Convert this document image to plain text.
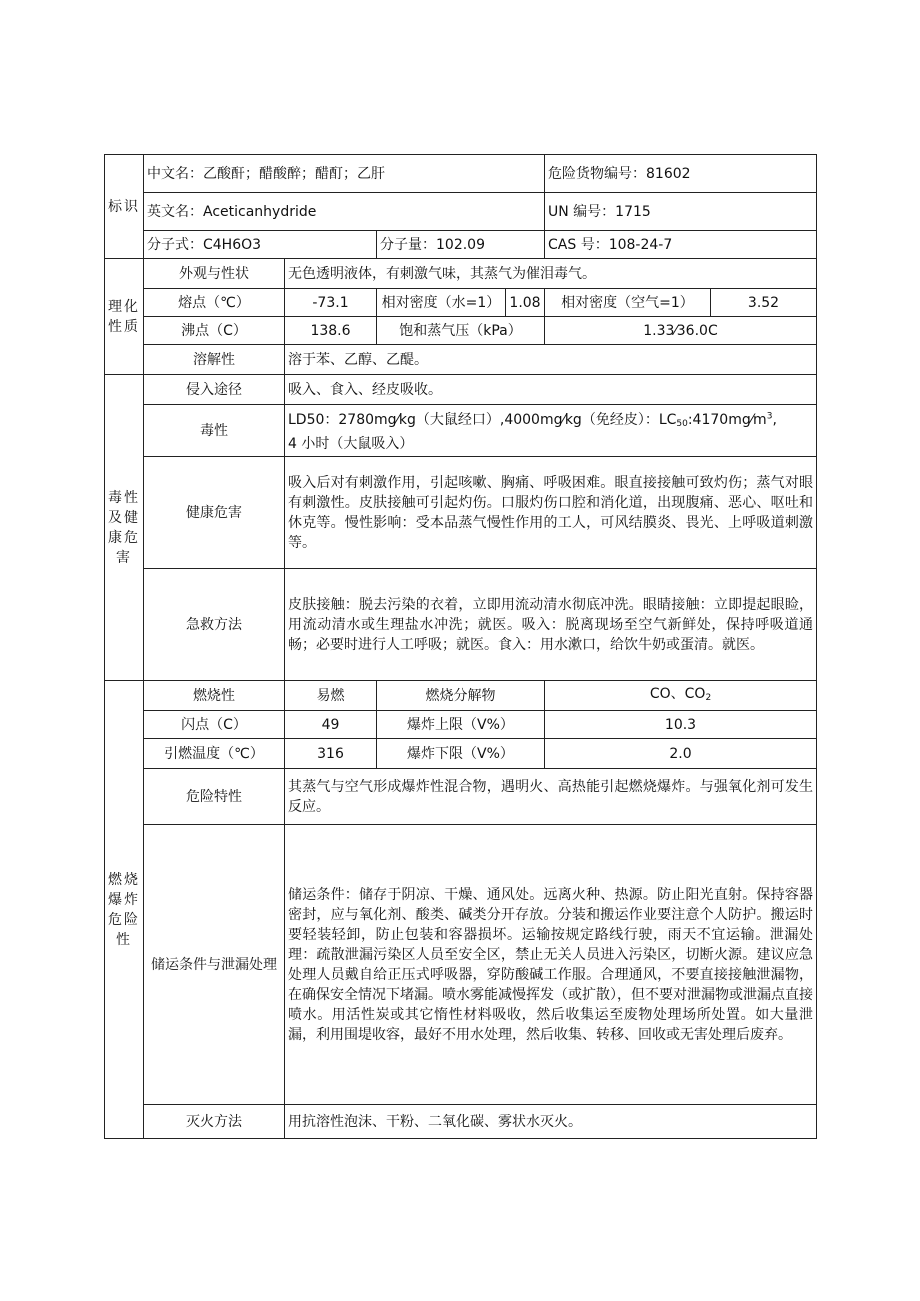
标识	中文名：乙酸酐；醋酸醉；醋酊；乙肝				危险货物编号：81602	
	英文名：Aceticanhydride				UN 编号：1715	
	分子式：C4H6O3		分子量：102.09		CAS 号：108-24-7	
理化性质	外观与性状	无色透明液体，有刺激气味，其蒸气为催泪毒气。				
	熔点（℃）	-73.1	相对密度（水=1）	1.08	相对密度（空气=1）	3.52
	沸点（C）	138.6	饱和蒸气压（kPa）		1.33⁄36.0C	
	溶解性	溶于苯、乙醇、乙醍。				
毒性及健康危害	侵入途径	吸入、食入、经皮吸收。				
	毒性	LD50：2780mg⁄kg（大鼠经口）,4000mg⁄kg（免经皮）：$LC_{50}:4170mg⁄m^3$,
4 小时（大鼠吸入）				
	健康危害	吸入后对有刺激作用，引起咳嗽、胸痛、呼吸困难。眼直接接触可致灼伤；蒸气对眼有刺激性。皮肤接触可引起灼伤。口服灼伤口腔和消化道，出现腹痛、恶心、呕吐和休克等。慢性影响：受本品蒸气慢性作用的工人，可风结膜炎、畏光、上呼吸道刺激等。				
	急救方法	皮肤接触：脱去污染的衣着，立即用流动清水彻底冲洗。眼睛接触：立即提起眼睑，用流动清水或生理盐水冲洗；就医。吸入：脱离现场至空气新鲜处，保持呼吸道通畅；必要时进行人工呼吸；就医。食入：用水漱口，给饮牛奶或蛋清。就医。				
燃烧爆炸危险性	燃烧性	易燃	燃烧分解物		CO、$CO_2$
	闪点（C）	49	爆炸上限（V%）		10.3	
	引燃温度（℃）	316	爆炸下限（V%）		2.0	
	危险特性	其蒸气与空气形成爆炸性混合物，遇明火、高热能引起燃烧爆炸。与强氧化剂可发生反应。				
	储运条件与泄漏处理	储运条件：储存于阴凉、干燥、通风处。远离火种、热源。防止阳光直射。保持容器密封，应与氧化剂、酸类、碱类分开存放。分装和搬运作业要注意个人防护。搬运时要轻装轻卸，防止包装和容器损坏。运输按规定路线行驶，雨天不宜运输。泄漏处理：疏散泄漏污染区人员至安全区，禁止无关人员进入污染区，切断火源。建议应急处理人员戴自给正压式呼吸器，穿防酸碱工作服。合理通风，不要直接接触泄漏物，在确保安全情况下堵漏。喷水雾能减慢挥发（或扩散），但不要对泄漏物或泄漏点直接喷水。用活性炭或其它惰性材料吸收，然后收集运至废物处理场所处置。如大量泄漏，利用围堤收容，最好不用水处理，然后收集、转移、回收或无害处理后废弃。				
	灭火方法	用抗溶性泡沫、干粉、二氧化碳、雾状水灭火。				
